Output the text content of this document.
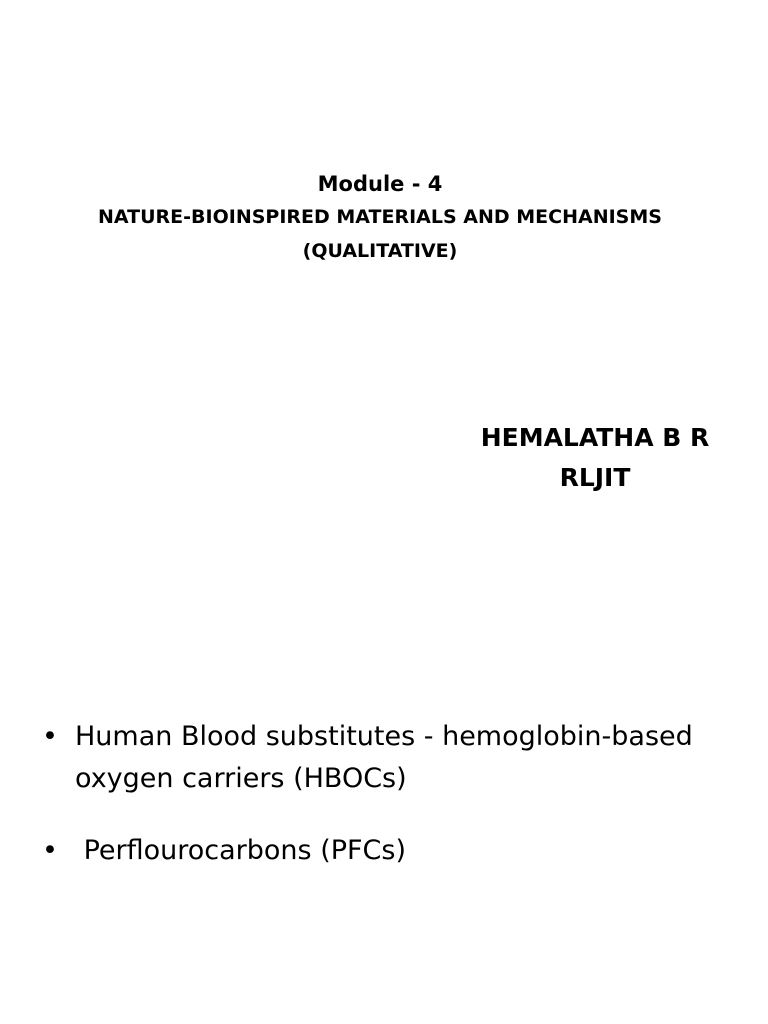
Module - 4
NATURE-BIOINSPIRED MATERIALS AND MECHANISMS
(QUALITATIVE)
HEMALATHA B R
RLJIT
• Human Blood substitutes - hemoglobin-based oxygen carriers (HBOCs)
• Perflourocarbons (PFCs)
